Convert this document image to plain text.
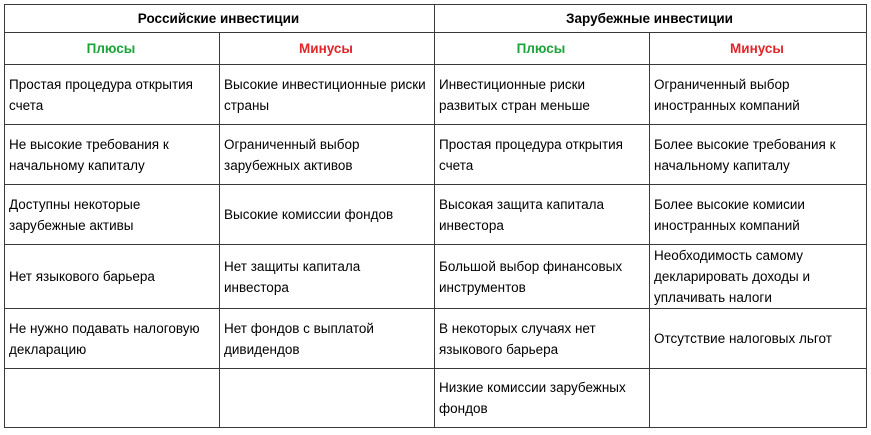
Российские инвестиции		Зарубежные инвестиции	
Плюсы	Минусы	Плюсы	Минусы
Простая процедура открытия счета	Высокие инвестиционные риски страны	Инвестиционные риски развитых стран меньше	Ограниченный выбор иностранных компаний
Не высокие требования к начальному капиталу	Ограниченный выбор зарубежных активов	Простая процедура открытия счета	Более высокие требования к начальному капиталу
Доступны некоторые зарубежные активы	Высокие комиссии фондов	Высокая защита капитала инвестора	Более высокие комисии иностранных компаний
Нет языкового барьера	Нет защиты капитала инвестора	Большой выбор финансовых инструментов	Необходимость самому декларировать доходы и уплачивать налоги
Не нужно подавать налоговую декларацию	Нет фондов с выплатой дивидендов	В некоторых случаях нет языкового барьера	Отсутствие налоговых льгот
		Низкие комиссии зарубежных фондов	
